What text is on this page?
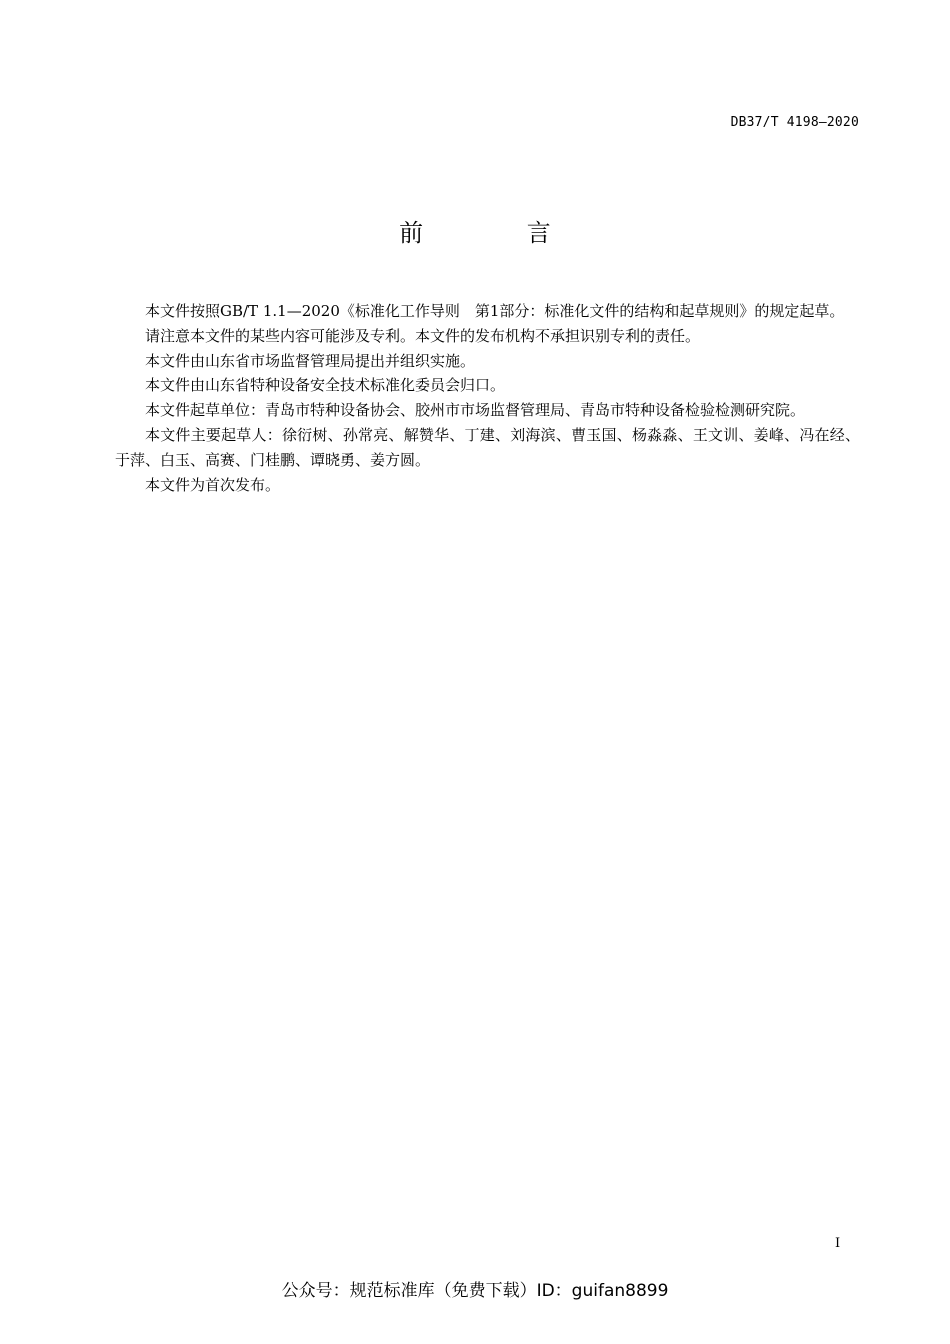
DB37/T 4198—2020
前 言

本文件按照GB/T 1.1—2020《标准化工作导则　第1部分：标准化文件的结构和起草规则》的规定起草。

请注意本文件的某些内容可能涉及专利。本文件的发布机构不承担识别专利的责任。

本文件由山东省市场监督管理局提出并组织实施。

本文件由山东省特种设备安全技术标准化委员会归口。

本文件起草单位：青岛市特种设备协会、胶州市市场监督管理局、青岛市特种设备检验检测研究院。

本文件主要起草人：徐衍树、孙常亮、解赞华、丁建、刘海滨、曹玉国、杨淼淼、王文训、姜峰、冯在经、于萍、白玉、高赛、门桂鹏、谭晓勇、姜方圆。

本文件为首次发布。

I
公众号：规范标准库（免费下载）ID：guifan8899
